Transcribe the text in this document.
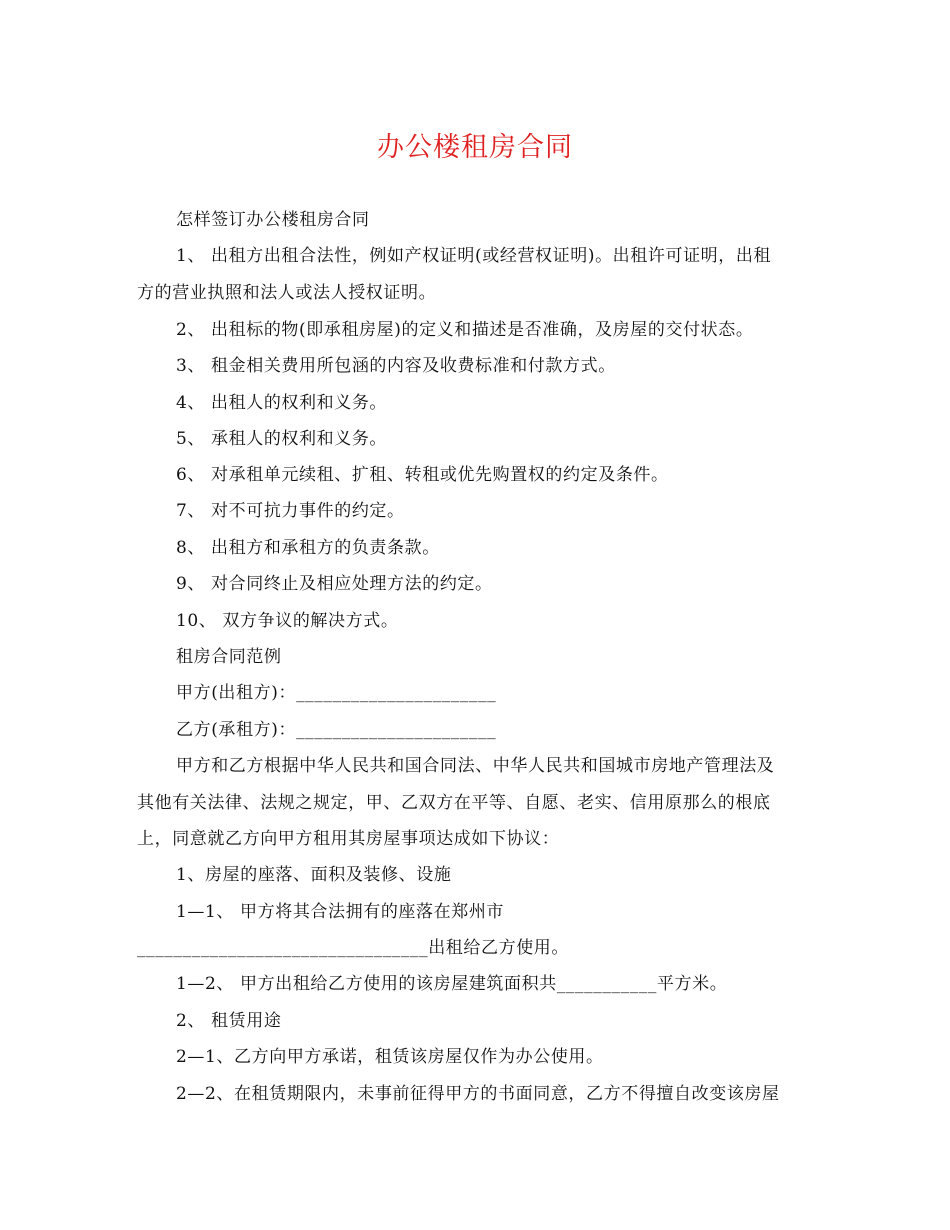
办公楼租房合同
怎样签订办公楼租房合同
1、 出租方出租合法性，例如产权证明(或经营权证明)。出租许可证明，出租
方的营业执照和法人或法人授权证明。
2、 出租标的物(即承租房屋)的定义和描述是否准确，及房屋的交付状态。
3、 租金相关费用所包涵的内容及收费标准和付款方式。
4、 出租人的权利和义务。
5、 承租人的权利和义务。
6、 对承租单元续租、扩租、转租或优先购置权的约定及条件。
7、 对不可抗力事件的约定。
8、 出租方和承租方的负责条款。
9、 对合同终止及相应处理方法的约定。
10、 双方争议的解决方式。
租房合同范例
甲方(出租方)：______________________
乙方(承租方)：______________________
甲方和乙方根据中华人民共和国合同法、中华人民共和国城市房地产管理法及
其他有关法律、法规之规定，甲、乙双方在平等、自愿、老实、信用原那么的根底
上，同意就乙方向甲方租用其房屋事项达成如下协议：
1、房屋的座落、面积及装修、设施
1—1、 甲方将其合法拥有的座落在郑州市
________________________________出租给乙方使用。
1—2、 甲方出租给乙方使用的该房屋建筑面积共___________平方米。
2、 租赁用途
2—1、乙方向甲方承诺，租赁该房屋仅作为办公使用。
2—2、在租赁期限内，未事前征得甲方的书面同意，乙方不得擅自改变该房屋
